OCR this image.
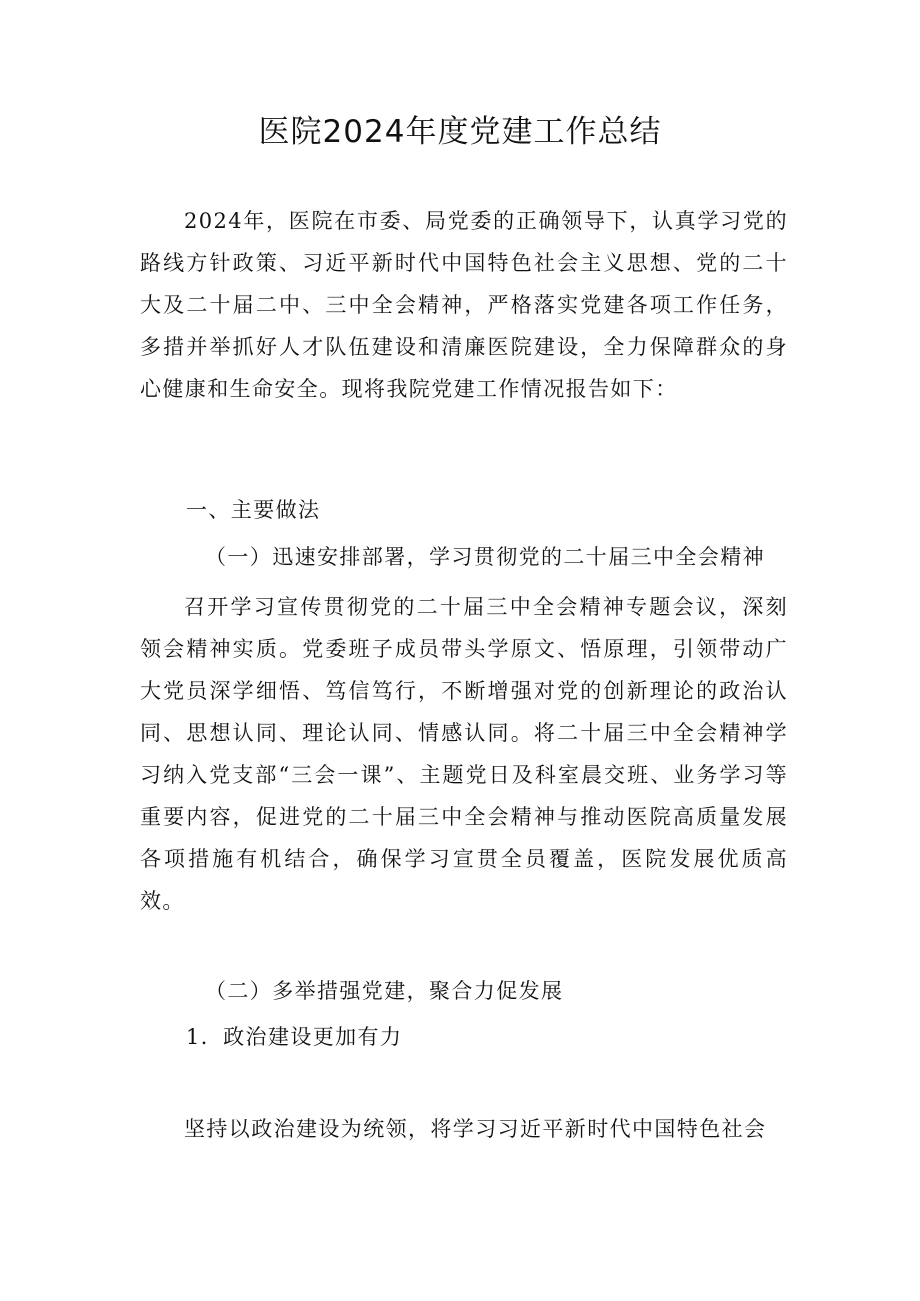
医院2024年度党建工作总结

2024年，医院在市委、局党委的正确领导下，认真学习党的路线方针政策、习近平新时代中国特色社会主义思想、党的二十大及二十届二中、三中全会精神，严格落实党建各项工作任务，多措并举抓好人才队伍建设和清廉医院建设，全力保障群众的身心健康和生命安全。现将我院党建工作情况报告如下：

一、主要做法

（一）迅速安排部署，学习贯彻党的二十届三中全会精神

召开学习宣传贯彻党的二十届三中全会精神专题会议，深刻领会精神实质。党委班子成员带头学原文、悟原理，引领带动广大党员深学细悟、笃信笃行，不断增强对党的创新理论的政治认同、思想认同、理论认同、情感认同。将二十届三中全会精神学习纳入党支部“三会一课”、主题党日及科室晨交班、业务学习等重要内容，促进党的二十届三中全会精神与推动医院高质量发展各项措施有机结合，确保学习宣贯全员覆盖，医院发展优质高效。

（二）多举措强党建，聚合力促发展

1．政治建设更加有力

坚持以政治建设为统领，将学习习近平新时代中国特色社会
